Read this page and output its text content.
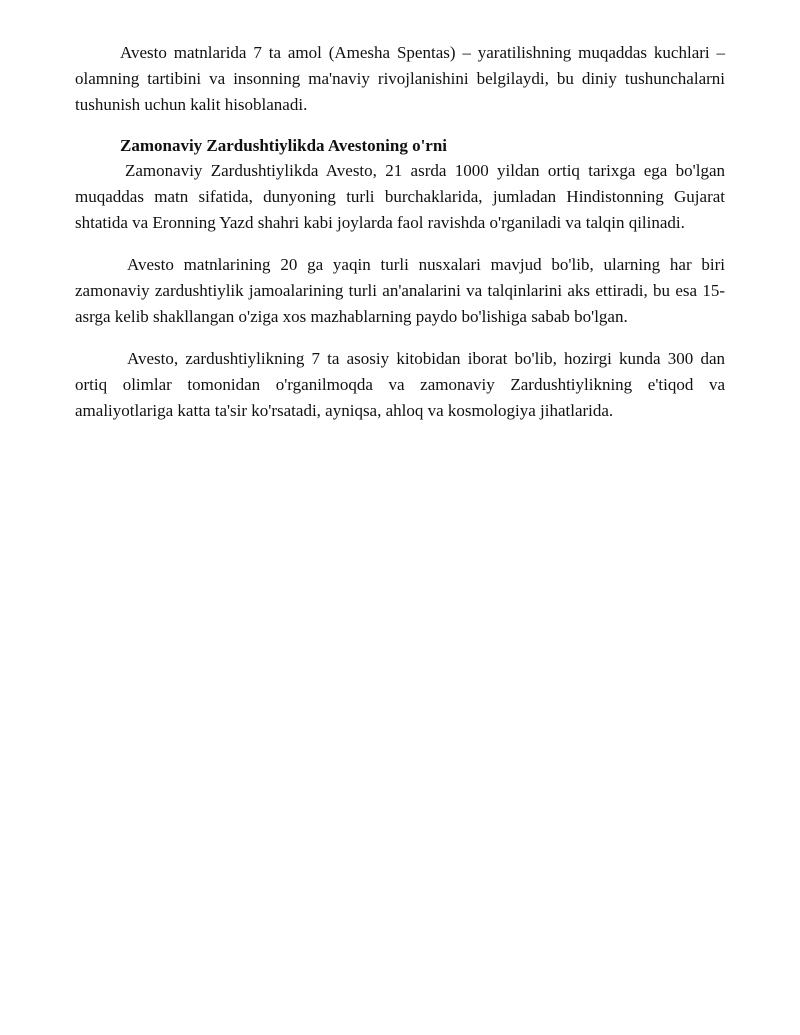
Avesto matnlarida 7 ta amol (Amesha Spentas) – yaratilishning muqaddas kuchlari – olamning tartibini va insonning ma'naviy rivojlanishini belgilaydi, bu diniy tushunchalarni tushunish uchun kalit hisoblanadi.

Zamonaviy Zardushtiylikda Avestoning o'rni

Zamonaviy Zardushtiylikda Avesto, 21 asrda 1000 yildan ortiq tarixga ega bo'lgan muqaddas matn sifatida, dunyoning turli burchaklarida, jumladan Hindistonning Gujarat shtatida va Eronning Yazd shahri kabi joylarda faol ravishda o'rganiladi va talqin qilinadi.

Avesto matnlarining 20 ga yaqin turli nusxalari mavjud bo'lib, ularning har biri zamonaviy zardushtiylik jamoalarining turli an'analarini va talqinlarini aks ettiradi, bu esa 15-asrga kelib shakllangan o'ziga xos mazhablarning paydo bo'lishiga sabab bo'lgan.

Avesto, zardushtiylikning 7 ta asosiy kitobidan iborat bo'lib, hozirgi kunda 300 dan ortiq olimlar tomonidan o'rganilmoqda va zamonaviy Zardushtiylikning e'tiqod va amaliyotlariga katta ta'sir ko'rsatadi, ayniqsa, ahloq va kosmologiya jihatlarida.
